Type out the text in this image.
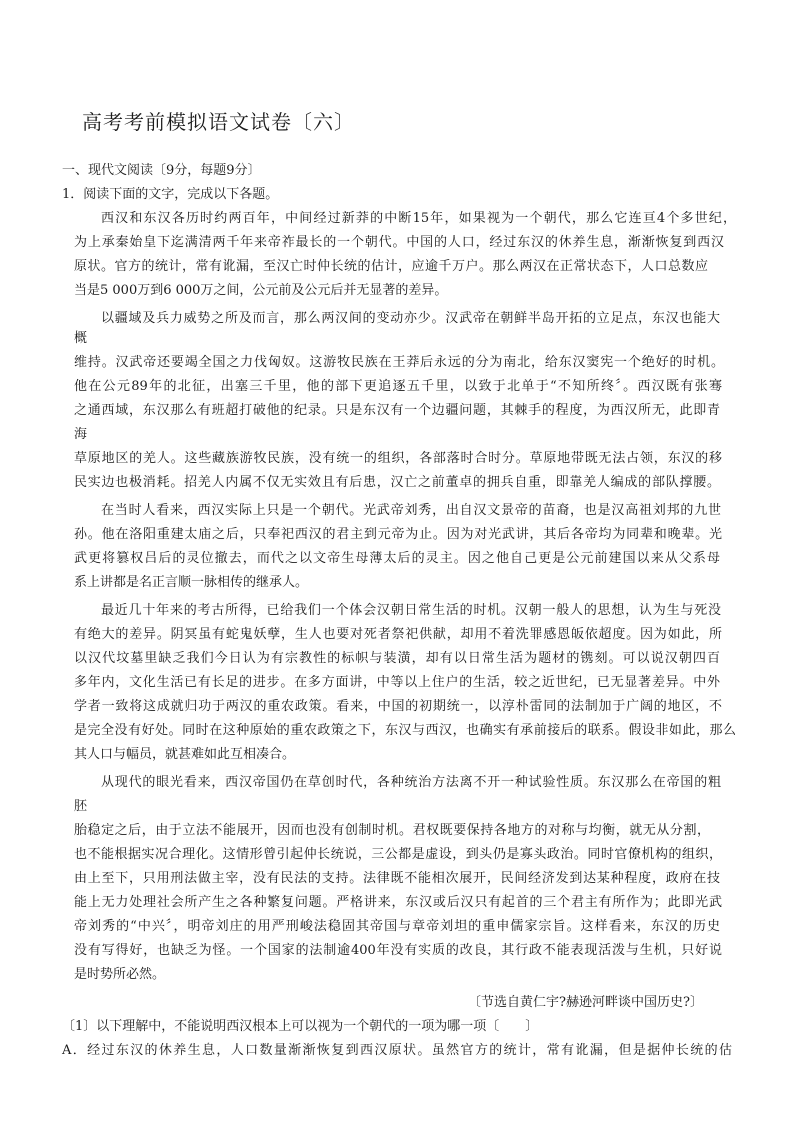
高考考前模拟语文试卷〔六〕
一、现代文阅读〔9分，每题9分〕
1．阅读下面的文字，完成以下各题。
西汉和东汉各历时约两百年，中间经过新莽的中断15年，如果视为一个朝代，那么它连亘4个多世纪，
为上承秦始皇下迄满清两千年来帝祚最长的一个朝代。中国的人口，经过东汉的休养生息，渐渐恢复到西汉
原状。官方的统计，常有讹漏，至汉亡时仲长统的估计，应逾千万户。那么两汉在正常状态下，人口总数应
当是5 000万到6 000万之间，公元前及公元后并无显著的差异。
以疆域及兵力威势之所及而言，那么两汉间的变动亦少。汉武帝在朝鲜半岛开拓的立足点，东汉也能大
概
维持。汉武帝还要竭全国之力伐匈奴。这游牧民族在王莽后永远的分为南北，给东汉窦宪一个绝好的时机。
他在公元89年的北征，出塞三千里，他的部下更追逐五千里，以致于北单于“不知所终〞。西汉既有张骞
之通西域，东汉那么有班超打破他的纪录。只是东汉有一个边疆问题，其棘手的程度，为西汉所无，此即青
海
草原地区的羌人。这些藏族游牧民族，没有统一的组织，各部落时合时分。草原地带既无法占领，东汉的移
民实边也极消耗。招羌人内属不仅无实效且有后患，汉亡之前董卓的拥兵自重，即靠羌人编成的部队撑腰。
在当时人看来，西汉实际上只是一个朝代。光武帝刘秀，出自汉文景帝的苗裔，也是汉高祖刘邦的九世
孙。他在洛阳重建太庙之后，只奉祀西汉的君主到元帝为止。因为对光武讲，其后各帝均为同辈和晚辈。光
武更将篡权吕后的灵位撤去，而代之以文帝生母薄太后的灵主。因之他自己更是公元前建国以来从父系母
系上讲都是名正言顺一脉相传的继承人。
最近几十年来的考古所得，已给我们一个体会汉朝日常生活的时机。汉朝一般人的思想，认为生与死没
有绝大的差异。阴冥虽有蛇鬼妖孽，生人也要对死者祭祀供献，却用不着洗罪感恩皈依超度。因为如此，所
以汉代坟墓里缺乏我们今日认为有宗教性的标帜与装潢，却有以日常生活为题材的镌刻。可以说汉朝四百
多年内，文化生活已有长足的进步。在多方面讲，中等以上住户的生活，较之近世纪，已无显著差异。中外
学者一致将这成就归功于两汉的重农政策。看来，中国的初期统一，以淳朴雷同的法制加于广阔的地区，不
是完全没有好处。同时在这种原始的重农政策之下，东汉与西汉，也确实有承前接后的联系。假设非如此，那么
其人口与幅员，就甚难如此互相凑合。
从现代的眼光看来，西汉帝国仍在草创时代，各种统治方法离不开一种试验性质。东汉那么在帝国的粗
胚
胎稳定之后，由于立法不能展开，因而也没有创制时机。君权既要保持各地方的对称与均衡，就无从分割，
也不能根据实况合理化。这情形曾引起仲长统说，三公都是虚设，到头仍是寡头政治。同时官僚机构的组织，
由上至下，只用刑法做主宰，没有民法的支持。法律既不能相次展开，民间经济发到达某种程度，政府在技
能上无力处理社会所产生之各种繁复问题。严格讲来，东汉或后汉只有起首的三个君主有所作为；此即光武
帝刘秀的“中兴〞，明帝刘庄的用严刑峻法稳固其帝国与章帝刘坦的重申儒家宗旨。这样看来，东汉的历史
没有写得好，也缺乏为怪。一个国家的法制逾400年没有实质的改良，其行政不能表现活泼与生机，只好说
是时势所必然。
〔节选自黄仁宇?赫逊河畔谈中国历史?〕
〔1〕以下理解中，不能说明西汉根本上可以视为一个朝代的一项为哪一项〔　　〕
A．经过东汉的休养生息，人口数量渐渐恢复到西汉原状。虽然官方的统计，常有讹漏，但是据仲长统的估
